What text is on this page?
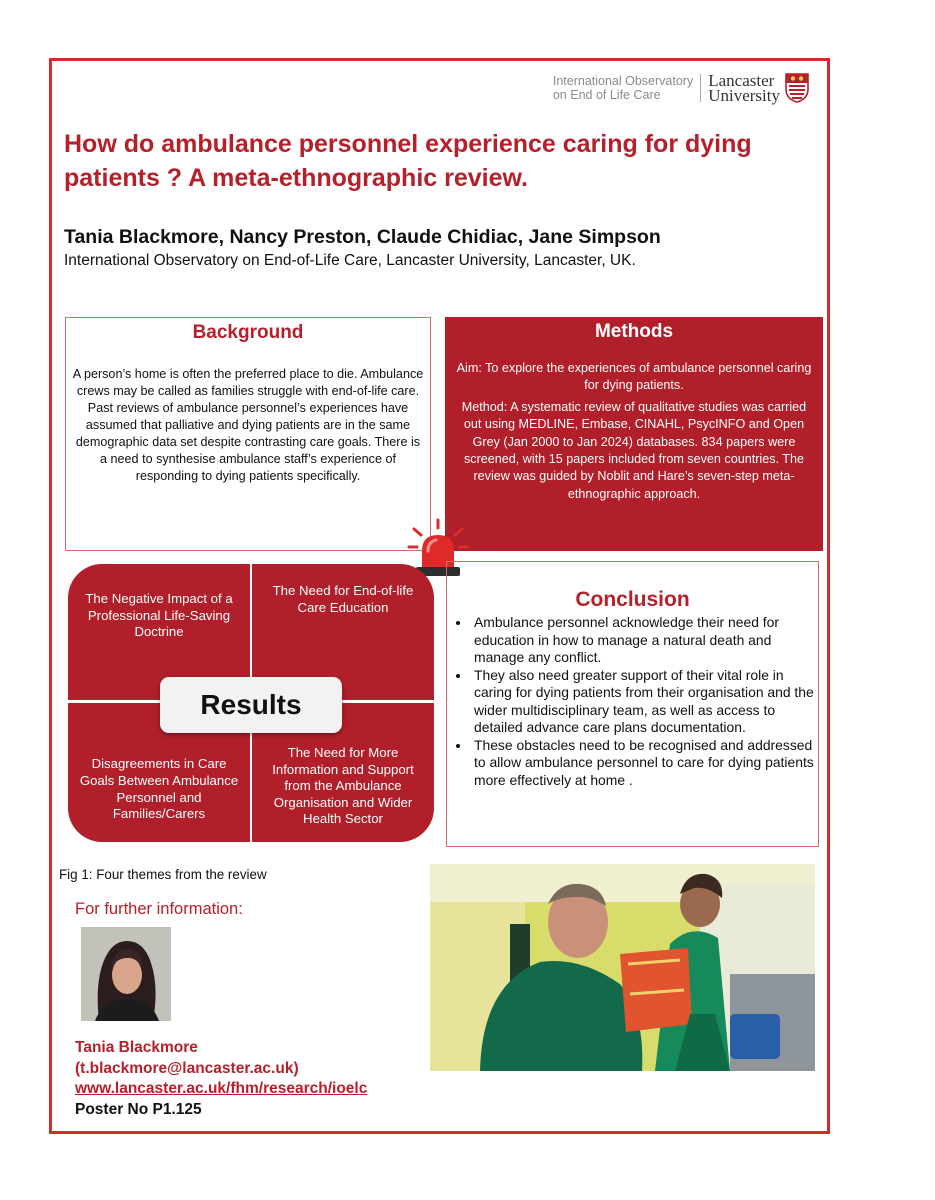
International Observatory
on End of Life Care
Lancaster
University
How do ambulance personnel experience caring for dying patients ? A meta-ethnographic review.
Tania Blackmore, Nancy Preston, Claude Chidiac, Jane Simpson
International Observatory on End-of-Life Care, Lancaster University, Lancaster, UK.
Background

A person’s home is often the preferred place to die. Ambulance crews may be called as families struggle with end-of-life care. Past reviews of ambulance personnel’s experiences have assumed that palliative and dying patients are in the same demographic data set despite contrasting care goals. There is a need to synthesise ambulance staff’s experience of responding to dying patients specifically.

Methods

Aim: To explore the experiences of ambulance personnel caring for dying patients.

Method: A systematic review of qualitative studies was carried out using MEDLINE, Embase, CINAHL, PsycINFO and Open Grey (Jan 2000 to Jan 2024) databases. 834 papers were screened, with 15 papers included from seven countries. The review was guided by Noblit and Hare’s seven-step meta-ethnographic approach.

The Negative Impact of a Professional Life-Saving Doctrine
The Need for End-of-life Care Education
Disagreements in Care Goals Between Ambulance Personnel and Families/Carers
The Need for More Information and Support from the Ambulance Organisation and Wider Health Sector
Results
Conclusion
• Ambulance personnel acknowledge their need for education in how to manage a natural death and manage any conflict.
• They also need greater support of their vital role in caring for dying patients from their organisation and the wider multidisciplinary team, as well as access to detailed advance care plans documentation.
• These obstacles need to be recognised and addressed to allow ambulance personnel to care for dying patients more effectively at home .
Fig 1: Four themes from the review
For further information:
Tania Blackmore
(t.blackmore@lancaster.ac.uk)
www.lancaster.ac.uk/fhm/research/ioelc
Poster No P1.125
